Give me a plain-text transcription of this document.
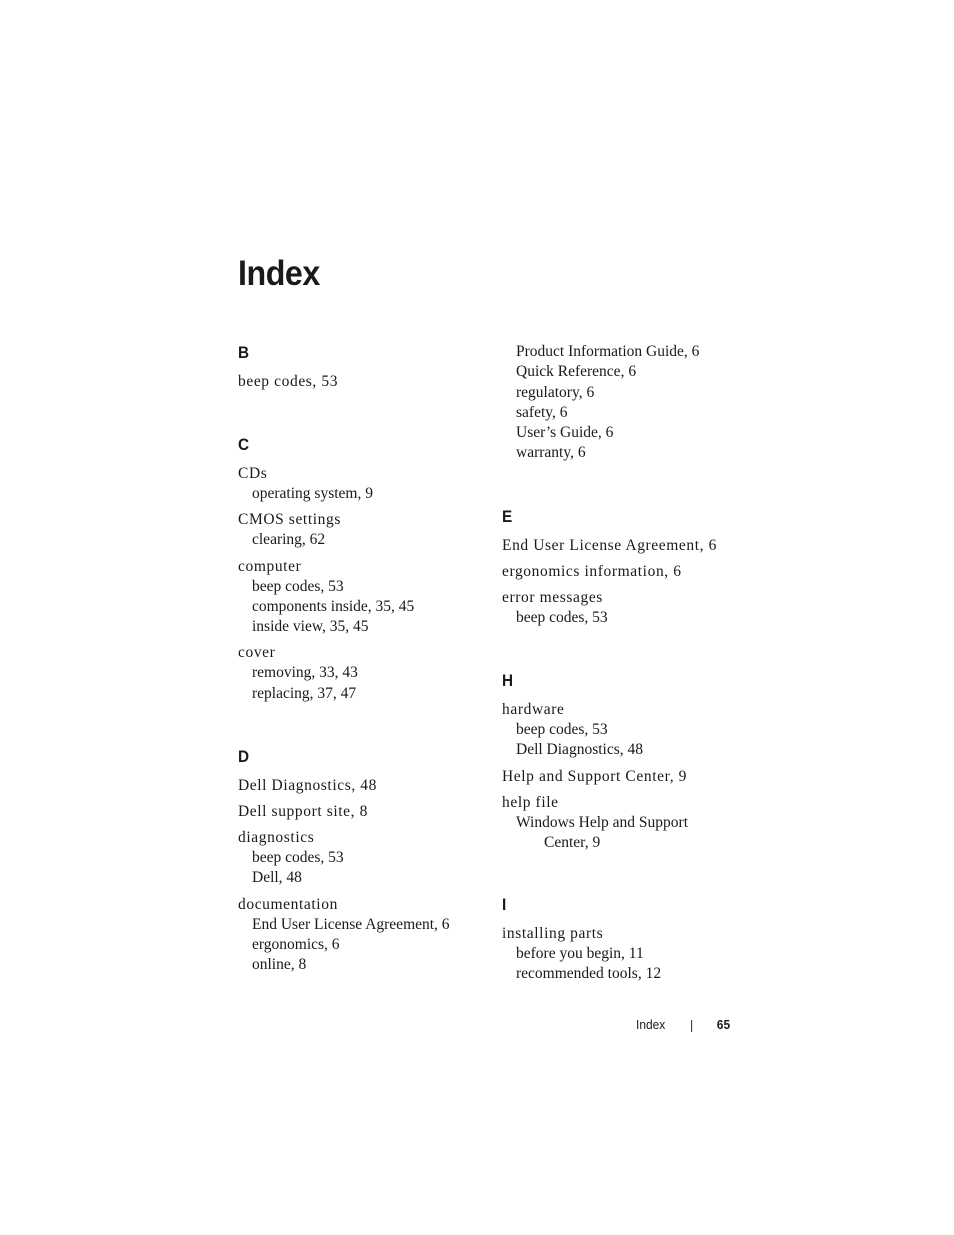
Index
B
beep codes, 53
C
CDs
operating system, 9
CMOS settings
clearing, 62
computer
beep codes, 53
components inside, 35, 45
inside view, 35, 45
cover
removing, 33, 43
replacing, 37, 47
D
Dell Diagnostics, 48
Dell support site, 8
diagnostics
beep codes, 53
Dell, 48
documentation
End User License Agreement, 6
ergonomics, 6
online, 8
Product Information Guide, 6
Quick Reference, 6
regulatory, 6
safety, 6
User’s Guide, 6
warranty, 6
E
End User License Agreement, 6
ergonomics information, 6
error messages
beep codes, 53
H
hardware
beep codes, 53
Dell Diagnostics, 48
Help and Support Center, 9
help file
Windows Help and Support
Center, 9
I
installing parts
before you begin, 11
recommended tools, 12
Index	65
